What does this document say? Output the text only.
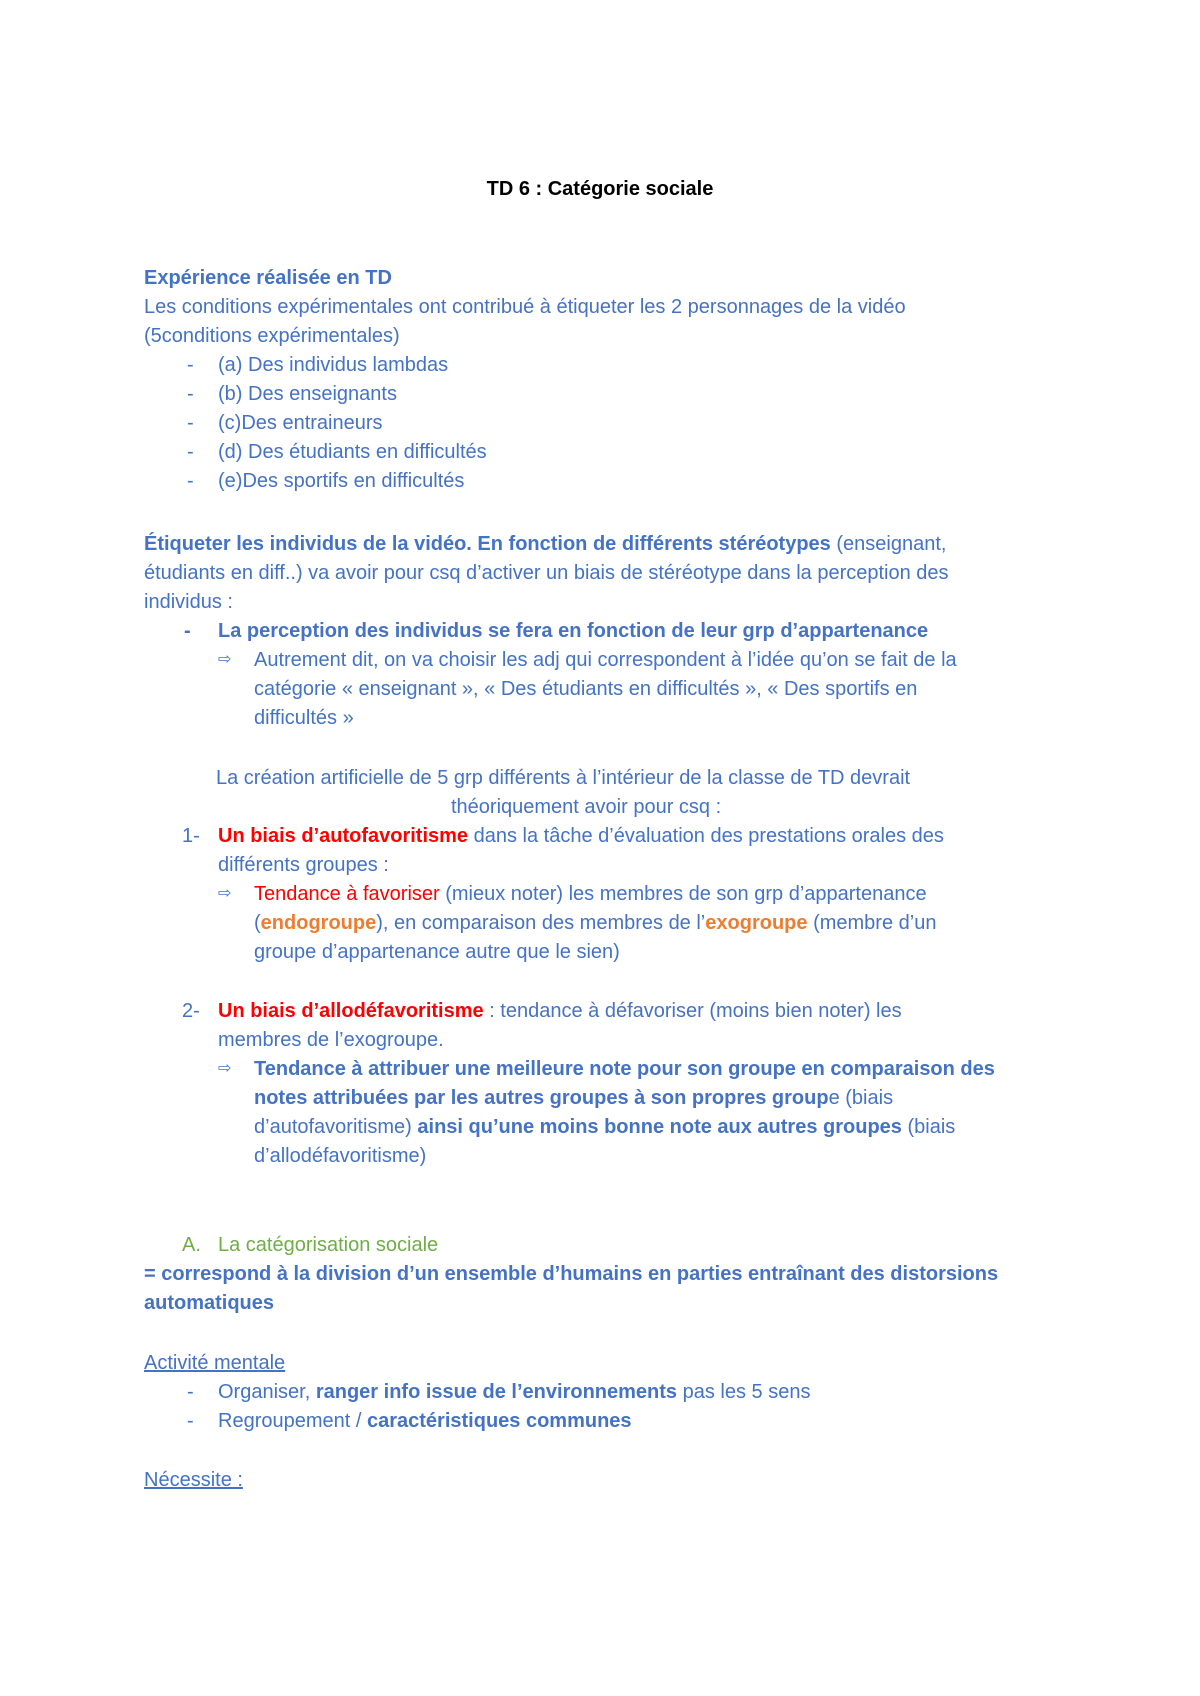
TD 6 : Catégorie sociale
Expérience réalisée en TD
Les conditions expérimentales ont contribué à étiqueter les 2 personnages de la vidéo
(5conditions expérimentales)
- (a) Des individus lambdas
- (b) Des enseignants
- (c)Des entraineurs
- (d) Des étudiants en difficultés
- (e)Des sportifs en difficultés
Étiqueter les individus de la vidéo. En fonction de différents stéréotypes (enseignant,
étudiants en diff..) va avoir pour csq d’activer un biais de stéréotype dans la perception des
individus :
- La perception des individus se fera en fonction de leur grp d’appartenance
⇨ Autrement dit, on va choisir les adj qui correspondent à l’idée qu’on se fait de la
catégorie « enseignant », « Des étudiants en difficultés », « Des sportifs en
difficultés »
La création artificielle de 5 grp différents à l’intérieur de la classe de TD devrait
théoriquement avoir pour csq :
1- Un biais d’autofavoritisme dans la tâche d’évaluation des prestations orales des
différents groupes :
⇨ Tendance à favoriser (mieux noter) les membres de son grp d’appartenance
(endogroupe), en comparaison des membres de l’exogroupe (membre d’un
groupe d’appartenance autre que le sien)
2- Un biais d’allodéfavoritisme : tendance à défavoriser (moins bien noter) les
membres de l’exogroupe.
⇨ Tendance à attribuer une meilleure note pour son groupe en comparaison des
notes attribuées par les autres groupes à son propres groupe (biais
d’autofavoritisme) ainsi qu’une moins bonne note aux autres groupes (biais
d’allodéfavoritisme)
A. La catégorisation sociale
= correspond à la division d’un ensemble d’humains en parties entraînant des distorsions
automatiques
Activité mentale
- Organiser, ranger info issue de l’environnements pas les 5 sens
- Regroupement / caractéristiques communes
Nécessite :
